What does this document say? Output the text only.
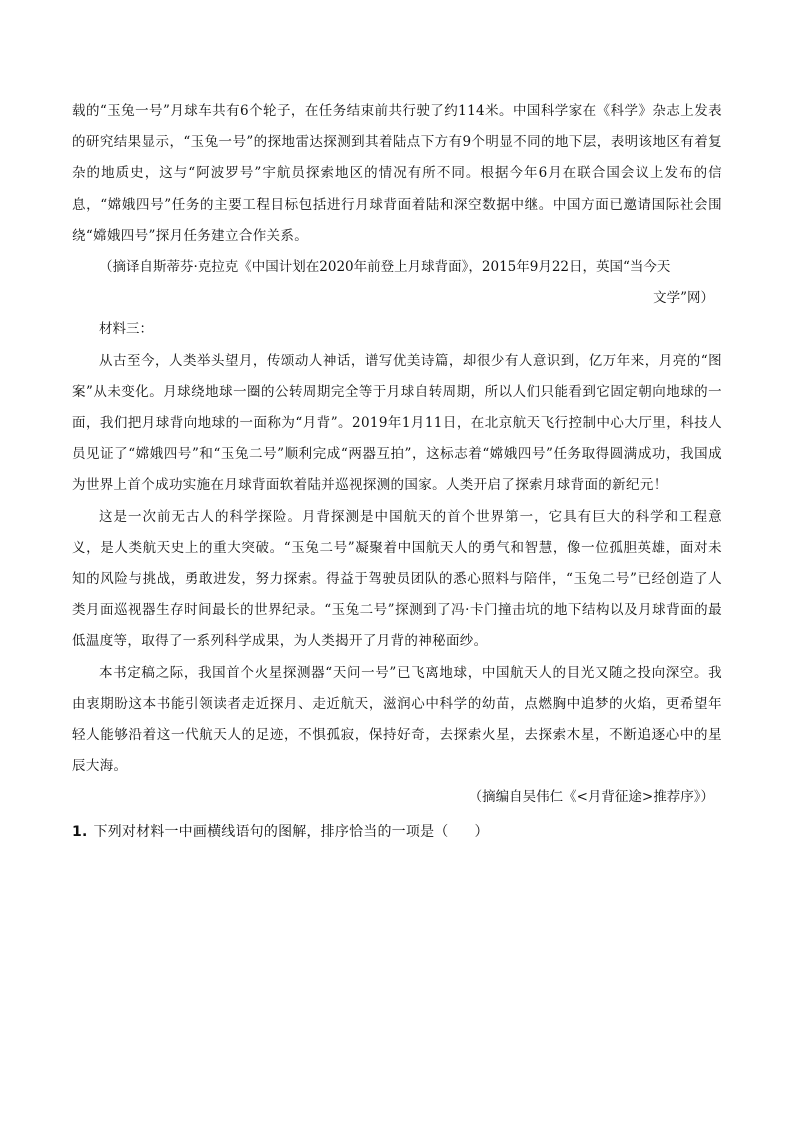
载的“玉兔一号”月球车共有6个轮子，在任务结束前共行驶了约114米。中国科学家在《科学》杂志上发表的研究结果显示，“玉兔一号”的探地雷达探测到其着陆点下方有9个明显不同的地下层，表明该地区有着复杂的地质史，这与“阿波罗号”宇航员探索地区的情况有所不同。根据今年6月在联合国会议上发布的信息，“嫦娥四号”任务的主要工程目标包括进行月球背面着陆和深空数据中继。中国方面已邀请国际社会围绕“嫦娥四号”探月任务建立合作关系。

（摘译自斯蒂芬·克拉克《中国计划在2020年前登上月球背面》，2015年9月22日，英国“当今天

文学”网）

材料三：

从古至今，人类举头望月，传颂动人神话，谱写优美诗篇，却很少有人意识到，亿万年来，月亮的“图案”从未变化。月球绕地球一圈的公转周期完全等于月球自转周期，所以人们只能看到它固定朝向地球的一面，我们把月球背向地球的一面称为“月背”。2019年1月11日，在北京航天飞行控制中心大厅里，科技人员见证了“嫦娥四号”和“玉兔二号”顺利完成“两器互拍”，这标志着“嫦娥四号”任务取得圆满成功，我国成为世界上首个成功实施在月球背面软着陆并巡视探测的国家。人类开启了探索月球背面的新纪元！

这是一次前无古人的科学探险。月背探测是中国航天的首个世界第一，它具有巨大的科学和工程意义，是人类航天史上的重大突破。“玉兔二号”凝聚着中国航天人的勇气和智慧，像一位孤胆英雄，面对未知的风险与挑战，勇敢进发，努力探索。得益于驾驶员团队的悉心照料与陪伴，“玉兔二号”已经创造了人类月面巡视器生存时间最长的世界纪录。“玉兔二号”探测到了冯·卡门撞击坑的地下结构以及月球背面的最低温度等，取得了一系列科学成果，为人类揭开了月背的神秘面纱。

本书定稿之际，我国首个火星探测器“天问一号”已飞离地球，中国航天人的目光又随之投向深空。我由衷期盼这本书能引领读者走近探月、走近航天，滋润心中科学的幼苗，点燃胸中追梦的火焰，更希望年轻人能够沿着这一代航天人的足迹，不惧孤寂，保持好奇，去探索火星，去探索木星，不断追逐心中的星辰大海。

（摘编自吴伟仁《<月背征途>推荐序》）

1. 下列对材料一中画横线语句的图解，排序恰当的一项是（ ）
